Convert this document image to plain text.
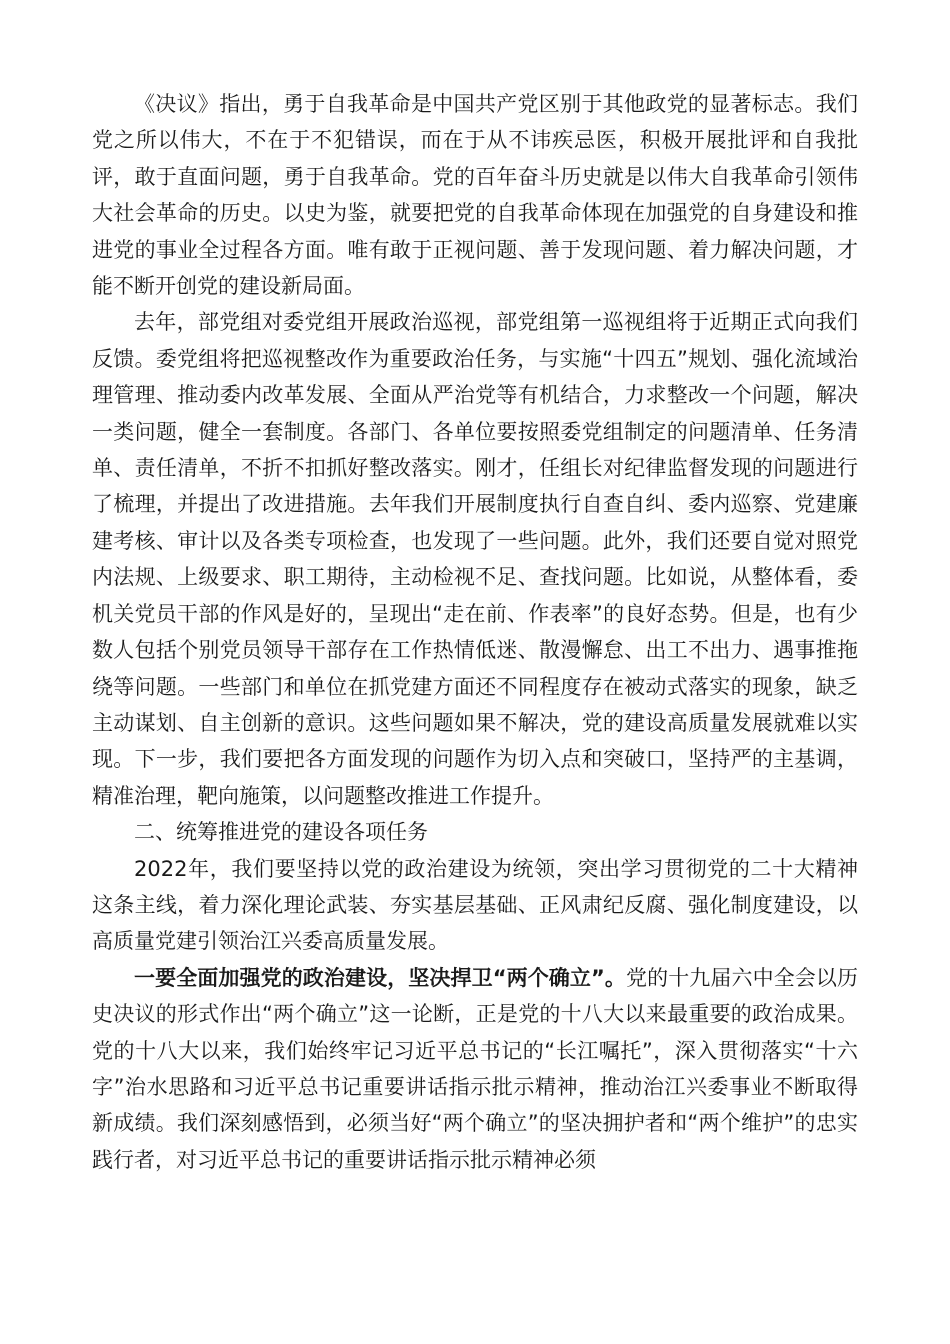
《决议》指出，勇于自我革命是中国共产党区别于其他政党的显著标志。我们党之所以伟大，不在于不犯错误，而在于从不讳疾忌医，积极开展批评和自我批评，敢于直面问题，勇于自我革命。党的百年奋斗历史就是以伟大自我革命引领伟大社会革命的历史。以史为鉴，就要把党的自我革命体现在加强党的自身建设和推进党的事业全过程各方面。唯有敢于正视问题、善于发现问题、着力解决问题，才能不断开创党的建设新局面。

去年，部党组对委党组开展政治巡视，部党组第一巡视组将于近期正式向我们反馈。委党组将把巡视整改作为重要政治任务，与实施“十四五”规划、强化流域治理管理、推动委内改革发展、全面从严治党等有机结合，力求整改一个问题，解决一类问题，健全一套制度。各部门、各单位要按照委党组制定的问题清单、任务清单、责任清单，不折不扣抓好整改落实。刚才，任组长对纪律监督发现的问题进行了梳理，并提出了改进措施。去年我们开展制度执行自查自纠、委内巡察、党建廉建考核、审计以及各类专项检查，也发现了一些问题。此外，我们还要自觉对照党内法规、上级要求、职工期待，主动检视不足、查找问题。比如说，从整体看，委机关党员干部的作风是好的，呈现出“走在前、作表率”的良好态势。但是，也有少数人包括个别党员领导干部存在工作热情低迷、散漫懈怠、出工不出力、遇事推拖绕等问题。一些部门和单位在抓党建方面还不同程度存在被动式落实的现象，缺乏主动谋划、自主创新的意识。这些问题如果不解决，党的建设高质量发展就难以实现。下一步，我们要把各方面发现的问题作为切入点和突破口，坚持严的主基调，精准治理，靶向施策，以问题整改推进工作提升。

二、统筹推进党的建设各项任务

2022年，我们要坚持以党的政治建设为统领，突出学习贯彻党的二十大精神这条主线，着力深化理论武装、夯实基层基础、正风肃纪反腐、强化制度建设，以高质量党建引领治江兴委高质量发展。

一要全面加强党的政治建设，坚决捍卫“两个确立”。党的十九届六中全会以历史决议的形式作出“两个确立”这一论断，正是党的十八大以来最重要的政治成果。党的十八大以来，我们始终牢记习近平总书记的“长江嘱托”，深入贯彻落实“十六字”治水思路和习近平总书记重要讲话指示批示精神，推动治江兴委事业不断取得新成绩。我们深刻感悟到，必须当好“两个确立”的坚决拥护者和“两个维护”的忠实践行者，对习近平总书记的重要讲话指示批示精神必须
